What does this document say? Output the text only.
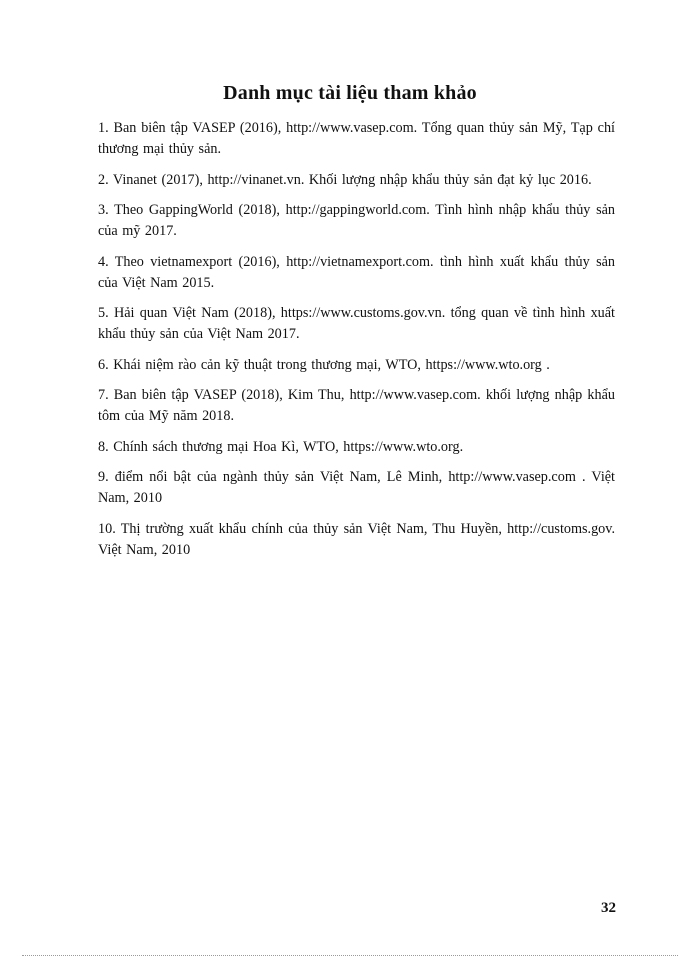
Danh mục tài liệu tham khảo
1. Ban biên tập VASEP (2016), http://www.vasep.com. Tổng quan thủy sản Mỹ, Tạp chí thương mại thủy sản.
2. Vinanet (2017), http://vinanet.vn. Khối lượng nhập khẩu thủy sản đạt kỷ lục 2016.
3. Theo GappingWorld (2018), http://gappingworld.com. Tình hình nhập khẩu thủy sản của mỹ 2017.
4. Theo vietnamexport (2016), http://vietnamexport.com. tình hình xuất khẩu thủy sản của Việt Nam 2015.
5. Hải quan Việt Nam (2018), https://www.customs.gov.vn. tổng quan về tình hình xuất khẩu thủy sản của Việt Nam 2017.
6. Khái niệm rào cản kỹ thuật trong thương mại, WTO, https://www.wto.org .
7. Ban biên tập VASEP (2018), Kim Thu, http://www.vasep.com. khối lượng nhập khẩu tôm của Mỹ năm 2018.
8. Chính sách thương mại Hoa Kì, WTO, https://www.wto.org.
9. điểm nổi bật của ngành thủy sản Việt Nam, Lê Minh, http://www.vasep.com . Việt Nam, 2010
10. Thị trường xuất khẩu chính của thủy sản Việt Nam, Thu Huyền, http://customs.gov. Việt Nam, 2010
32
